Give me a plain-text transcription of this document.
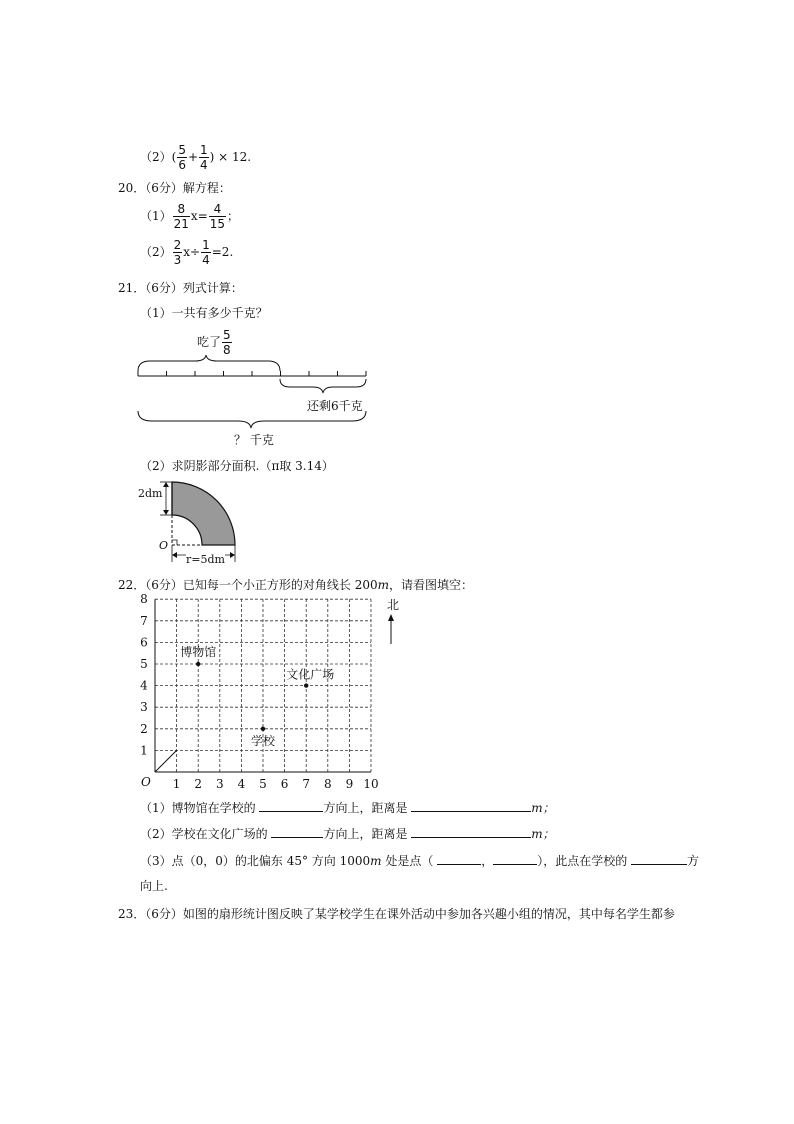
$(2)( \frac{5}{6} + \frac{1}{4}$ ) × 12.
20．（6分）解方程：
$(1) \frac{8}{21} x= \frac{4}{15}$ ；
$(2) \frac{2}{3} x\div \frac{1}{4} =2$.
21．（6分）列式计算：
（1）一共有多少千克？
吃了 $\frac{5}{8}$
还剩6千克
？ 千克
（2）求阴影部分面积.（π取 3.14）
2dm
O
r=5dm
22．（6分）已知每一个小正方形的对角线长 200m，请看图填空：
1 2 3 4 5 6 7 8 9 10
1
2
3
4
5
6
7
8
O
博物馆
文化广场
学校
北
（1）博物馆在学校的	方向上，距离是	m；
（2）学校在文化广场的	方向上，距离是	m；
（3）点（0，0）的北偏东 45° 方向 1000m 处是点（	，	），此点在学校的	方
向上.
23．（6分）如图的扇形统计图反映了某学校学生在课外活动中参加各兴趣小组的情况，其中每名学生都参
